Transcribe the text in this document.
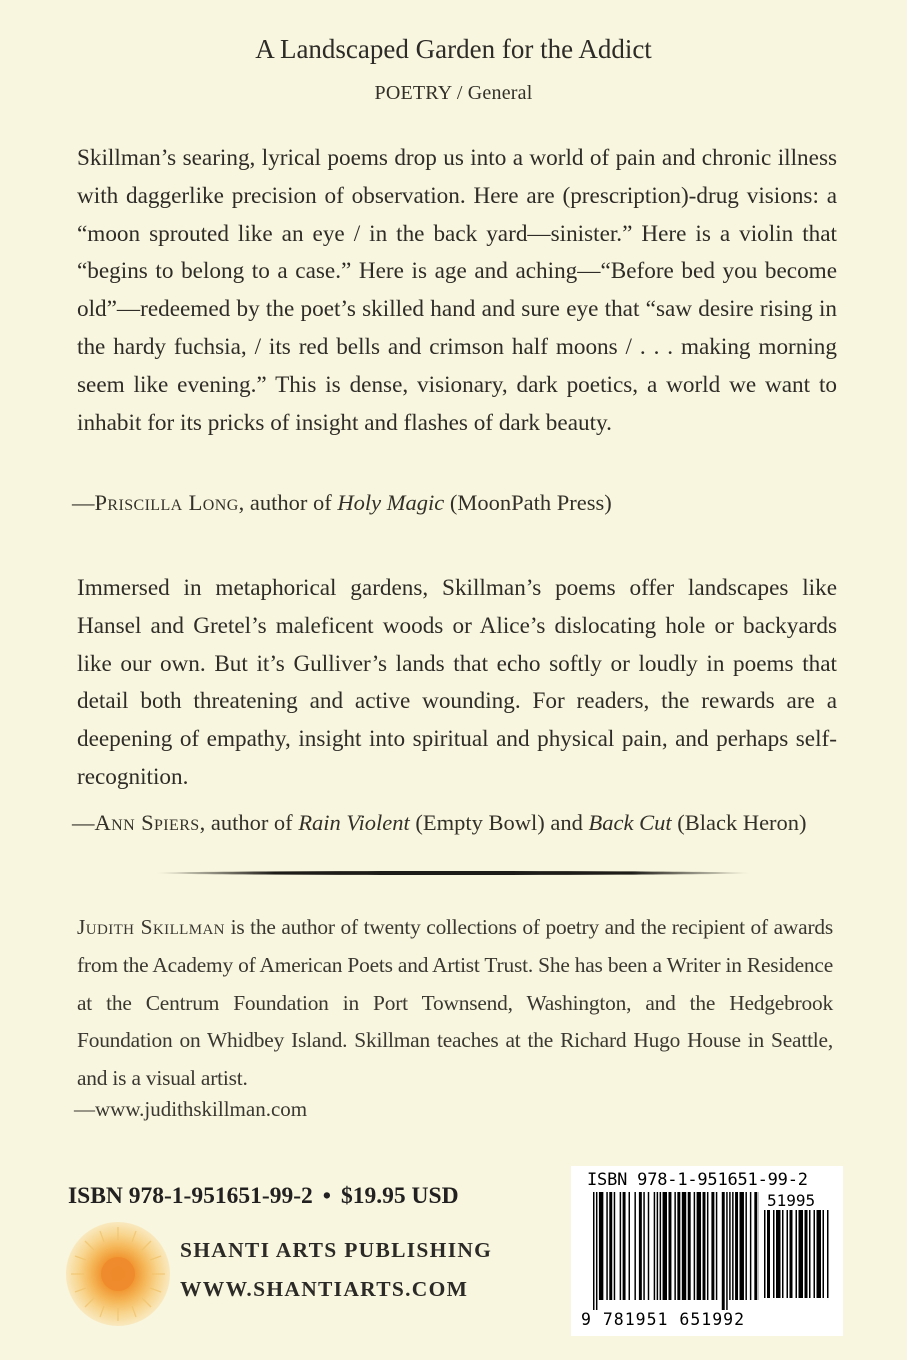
A Landscaped Garden for the Addict
POETRY / General
Skillman’s searing, lyrical poems drop us into a world of pain and chronic illness with daggerlike precision of observation. Here are (prescription)-drug visions: a “moon sprouted like an eye / in the back yard—sinister.” Here is a violin that “begins to belong to a case.” Here is age and aching—“Before bed you become old”—redeemed by the poet’s skilled hand and sure eye that “saw desire rising in the hardy fuchsia, / its red bells and crimson half moons / . . . making morning seem like evening.” This is dense, visionary, dark poetics, a world we want to inhabit for its pricks of insight and flashes of dark beauty.
—Priscilla Long, author of Holy Magic (MoonPath Press)
Immersed in metaphorical gardens, Skillman’s poems offer landscapes like Hansel and Gretel’s maleficent woods or Alice’s dislocating hole or backyards like our own. But it’s Gulliver’s lands that echo softly or loudly in poems that detail both threatening and active wounding. For readers, the rewards are a deepening of empathy, insight into spiritual and physical pain, and perhaps self-recognition.
—Ann Spiers, author of Rain Violent (Empty Bowl) and Back Cut (Black Heron)
Judith Skillman is the author of twenty collections of poetry and the recipient of awards from the Academy of American Poets and Artist Trust. She has been a Writer in Residence at the Centrum Foundation in Port Townsend, Washington, and the Hedgebrook Foundation on Whidbey Island. Skillman teaches at the Richard Hugo House in Seattle, and is a visual artist.
—www.judithskillman.com
ISBN 978-1-951651-99-2 • $19.95 USD
SHANTI ARTS PUBLISHING
WWW.SHANTIARTS.COM
ISBN 978-1-951651-99-2
51995
9 781951 651992
